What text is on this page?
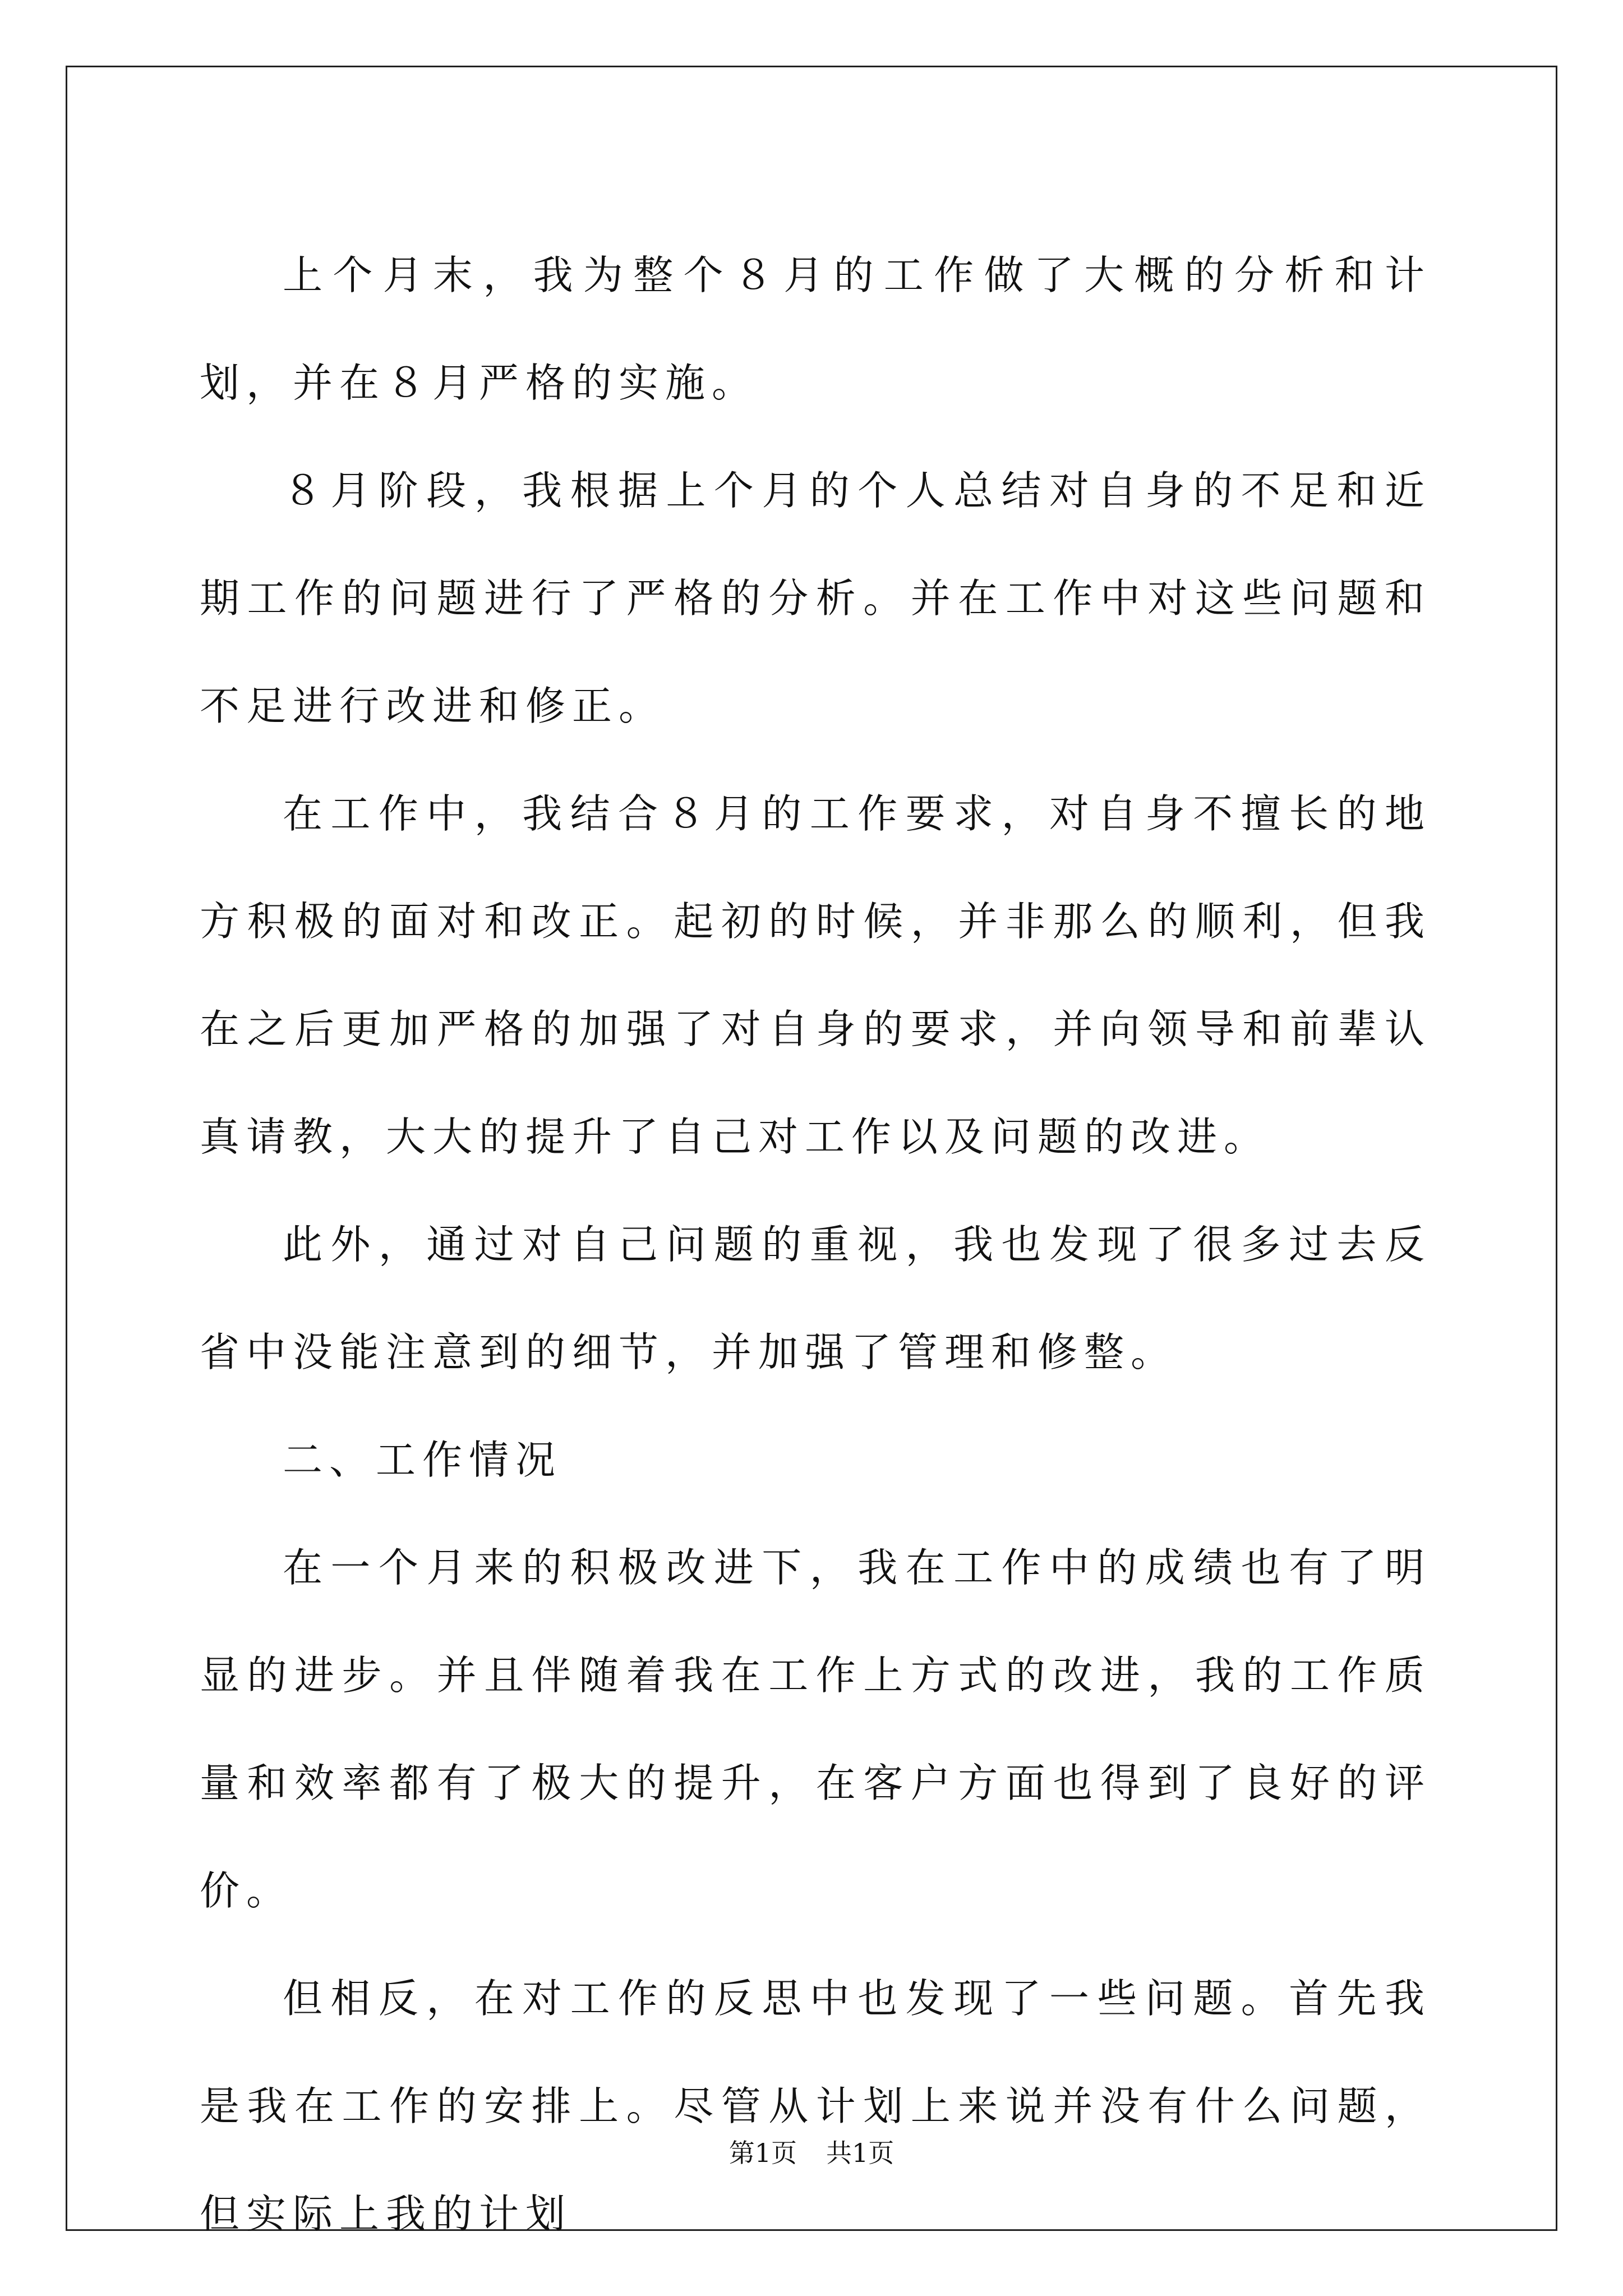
上个月末，我为整个８月的工作做了大概的分析和计划，并在８月严格的实施。

８月阶段，我根据上个月的个人总结对自身的不足和近期工作的问题进行了严格的分析。并在工作中对这些问题和不足进行改进和修正。

在工作中，我结合８月的工作要求，对自身不擅长的地方积极的面对和改正。起初的时候，并非那么的顺利，但我在之后更加严格的加强了对自身的要求，并向领导和前辈认真请教，大大的提升了自己对工作以及问题的改进。

此外，通过对自己问题的重视，我也发现了很多过去反省中没能注意到的细节，并加强了管理和修整。

二、工作情况

在一个月来的积极改进下，我在工作中的成绩也有了明显的进步。并且伴随着我在工作上方式的改进，我的工作质量和效率都有了极大的提升，在客户方面也得到了良好的评价。

但相反，在对工作的反思中也发现了一些问题。首先我是我在工作的安排上。尽管从计划上来说并没有什么问题，但实际上我的计划

第1页 共1页
